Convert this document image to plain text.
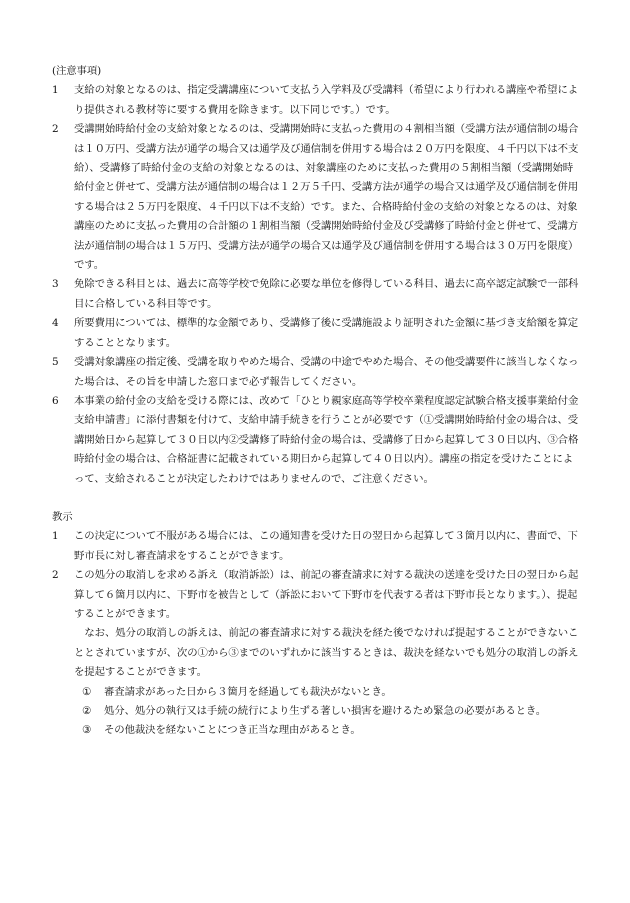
(注意事項)

1	支給の対象となるのは、指定受講講座について支払う入学料及び受講料（希望により行われる講座や希望により提供される教材等に要する費用を除きます。以下同じです。）です。
2	受講開始時給付金の支給対象となるのは、受講開始時に支払った費用の４割相当額（受講方法が通信制の場合は１０万円、受講方法が通学の場合又は通学及び通信制を併用する場合は２０万円を限度、４千円以下は不支給）、受講修了時給付金の支給の対象となるのは、対象講座のために支払った費用の５割相当額（受講開始時給付金と併せて、受講方法が通信制の場合は１２万５千円、受講方法が通学の場合又は通学及び通信制を併用する場合は２５万円を限度、４千円以下は不支給）です。また、合格時給付金の支給の対象となるのは、対象講座のために支払った費用の合計額の１割相当額（受講開始時給付金及び受講修了時給付金と併せて、受講方法が通信制の場合は１５万円、受講方法が通学の場合又は通学及び通信制を併用する場合は３０万円を限度）です。
3	免除できる科目とは、過去に高等学校で免除に必要な単位を修得している科目、過去に高卒認定試験で一部科目に合格している科目等です。
4	所要費用については、標準的な金額であり、受講修了後に受講施設より証明された金額に基づき支給額を算定することとなります。
5	受講対象講座の指定後、受講を取りやめた場合、受講の中途でやめた場合、その他受講要件に該当しなくなった場合は、その旨を申請した窓口まで必ず報告してください。
6	本事業の給付金の支給を受ける際には、改めて「ひとり親家庭高等学校卒業程度認定試験合格支援事業給付金支給申請書」に添付書類を付けて、支給申請手続きを行うことが必要です（①受講開始時給付金の場合は、受講開始日から起算して３０日以内②受講修了時給付金の場合は、受講修了日から起算して３０日以内、③合格時給付金の場合は、合格証書に記載されている期日から起算して４０日以内）。講座の指定を受けたことによって、支給されることが決定したわけではありませんので、ご注意ください。

教示

1	この決定について不服がある場合には、この通知書を受けた日の翌日から起算して３箇月以内に、書面で、下野市長に対し審査請求をすることができます。
2	この処分の取消しを求める訴え（取消訴訟）は、前記の審査請求に対する裁決の送達を受けた日の翌日から起算して６箇月以内に、下野市を被告として（訴訟において下野市を代表する者は下野市長となります。）、提起することができます。

なお、処分の取消しの訴えは、前記の審査請求に対する裁決を経た後でなければ提起することができないこととされていますが、次の①から③までのいずれかに該当するときは、裁決を経ないでも処分の取消しの訴えを提起することができます。

①	審査請求があった日から３箇月を経過しても裁決がないとき。
②	処分、処分の執行又は手続の続行により生ずる著しい損害を避けるため緊急の必要があるとき。
③	その他裁決を経ないことにつき正当な理由があるとき。
